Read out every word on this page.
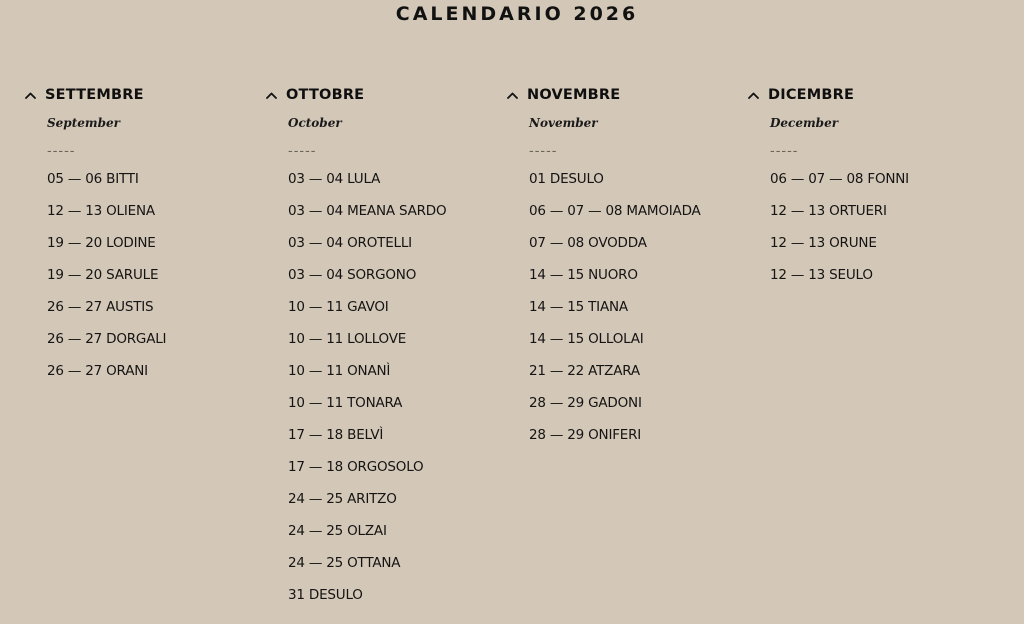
CALENDARIO 2026
SETTEMBRE
September
-----
05 — 06 BITTI
12 — 13 OLIENA
19 — 20 LODINE
19 — 20 SARULE
26 — 27 AUSTIS
26 — 27 DORGALI
26 — 27 ORANI
OTTOBRE
October
-----
03 — 04 LULA
03 — 04 MEANA SARDO
03 — 04 OROTELLI
03 — 04 SORGONO
10 — 11 GAVOI
10 — 11 LOLLOVE
10 — 11 ONANÌ
10 — 11 TONARA
17 — 18 BELVÌ
17 — 18 ORGOSOLO
24 — 25 ARITZO
24 — 25 OLZAI
24 — 25 OTTANA
31 DESULO
NOVEMBRE
November
-----
01 DESULO
06 — 07 — 08 MAMOIADA
07 — 08 OVODDA
14 — 15 NUORO
14 — 15 TIANA
14 — 15 OLLOLAI
21 — 22 ATZARA
28 — 29 GADONI
28 — 29 ONIFERI
DICEMBRE
December
-----
06 — 07 — 08 FONNI
12 — 13 ORTUERI
12 — 13 ORUNE
12 — 13 SEULO
